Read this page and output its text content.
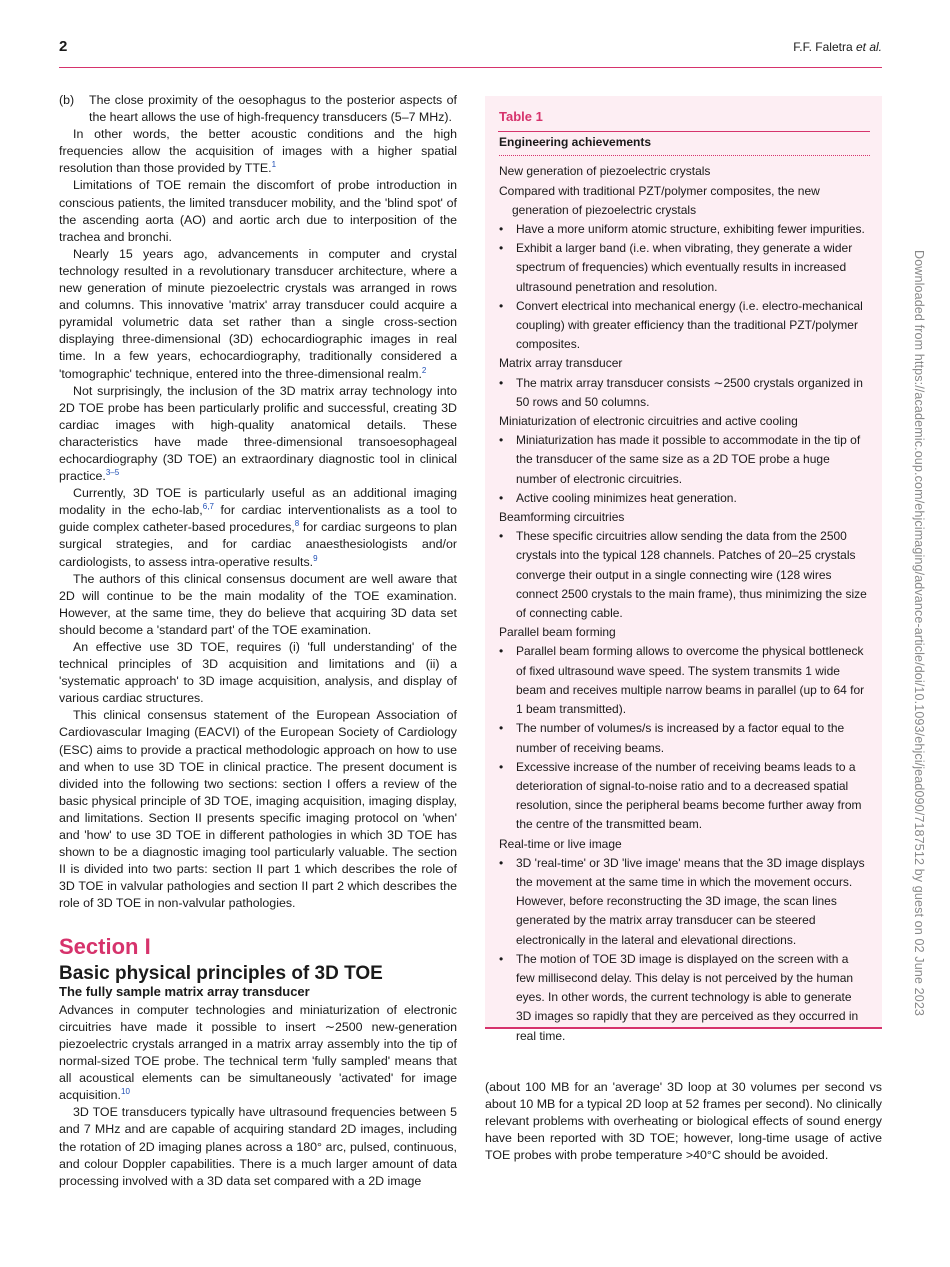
2	F.F. Faletra et al.
(b)	The close proximity of the oesophagus to the posterior aspects of the heart allows the use of high-frequency transducers (5–7 MHz).

In other words, the better acoustic conditions and the high frequencies allow the acquisition of images with a higher spatial resolution than those provided by TTE.$^1$

Limitations of TOE remain the discomfort of probe introduction in conscious patients, the limited transducer mobility, and the 'blind spot' of the ascending aorta (AO) and aortic arch due to interposition of the trachea and bronchi.

Nearly 15 years ago, advancements in computer and crystal technology resulted in a revolutionary transducer architecture, where a new generation of minute piezoelectric crystals was arranged in rows and columns. This innovative 'matrix' array transducer could acquire a pyramidal volumetric data set rather than a single cross-section displaying three-dimensional (3D) echocardiographic images in real time. In a few years, echocardiography, traditionally considered a 'tomographic' technique, entered into the three-dimensional realm.$^2$

Not surprisingly, the inclusion of the 3D matrix array technology into 2D TOE probe has been particularly prolific and successful, creating 3D cardiac images with high-quality anatomical details. These characteristics have made three-dimensional transoesophageal echocardiography (3D TOE) an extraordinary diagnostic tool in clinical practice.$^{3-5}$

Currently, 3D TOE is particularly useful as an additional imaging modality in the echo-lab,$^{6,7}$ for cardiac interventionalists as a tool to guide complex catheter-based procedures,$^8$ for cardiac surgeons to plan surgical strategies, and for cardiac anaesthesiologists and/or cardiologists, to assess intra-operative results.$^9$

The authors of this clinical consensus document are well aware that 2D will continue to be the main modality of the TOE examination. However, at the same time, they do believe that acquiring 3D data set should become a 'standard part' of the TOE examination.

An effective use 3D TOE, requires (i) 'full understanding' of the technical principles of 3D acquisition and limitations and (ii) a 'systematic approach' to 3D image acquisition, analysis, and display of various cardiac structures.

This clinical consensus statement of the European Association of Cardiovascular Imaging (EACVI) of the European Society of Cardiology (ESC) aims to provide a practical methodologic approach on how to use and when to use 3D TOE in clinical practice. The present document is divided into the following two sections: section I offers a review of the basic physical principle of 3D TOE, imaging acquisition, imaging display, and limitations. Section II presents specific imaging protocol on 'when' and 'how' to use 3D TOE in different pathologies in which 3D TOE has shown to be a diagnostic imaging tool particularly valuable. The section II is divided into two parts: section II part 1 which describes the role of 3D TOE in valvular pathologies and section II part 2 which describes the role of 3D TOE in non-valvular pathologies.

Section I
Basic physical principles of 3D TOE
The fully sample matrix array transducer

Advances in computer technologies and miniaturization of electronic circuitries have made it possible to insert ∼2500 new-generation piezoelectric crystals arranged in a matrix array assembly into the tip of normal-sized TOE probe. The technical term 'fully sampled' means that all acoustical elements can be simultaneously 'activated' for image acquisition.$^{10}$

3D TOE transducers typically have ultrasound frequencies between 5 and 7 MHz and are capable of acquiring standard 2D images, including the rotation of 2D imaging planes across a 180° arc, pulsed, continuous, and colour Doppler capabilities. There is a much larger amount of data processing involved with a 3D data set compared with a 2D image

Table 1
Engineering achievements
New generation of piezoelectric crystals
Compared with traditional PZT/polymer composites, the new generation of piezoelectric crystals
•	Have a more uniform atomic structure, exhibiting fewer impurities.
•	Exhibit a larger band (i.e. when vibrating, they generate a wider spectrum of frequencies) which eventually results in increased ultrasound penetration and resolution.
•	Convert electrical into mechanical energy (i.e. electro-mechanical coupling) with greater efficiency than the traditional PZT/polymer composites.
Matrix array transducer
•	The matrix array transducer consists ∼2500 crystals organized in 50 rows and 50 columns.
Miniaturization of electronic circuitries and active cooling
•	Miniaturization has made it possible to accommodate in the tip of the transducer of the same size as a 2D TOE probe a huge number of electronic circuitries.
•	Active cooling minimizes heat generation.
Beamforming circuitries
•	These specific circuitries allow sending the data from the 2500 crystals into the typical 128 channels. Patches of 20–25 crystals converge their output in a single connecting wire (128 wires connect 2500 crystals to the main frame), thus minimizing the size of connecting cable.
Parallel beam forming
•	Parallel beam forming allows to overcome the physical bottleneck of fixed ultrasound wave speed. The system transmits 1 wide beam and receives multiple narrow beams in parallel (up to 64 for 1 beam transmitted).
•	The number of volumes/s is increased by a factor equal to the number of receiving beams.
•	Excessive increase of the number of receiving beams leads to a deterioration of signal-to-noise ratio and to a decreased spatial resolution, since the peripheral beams become further away from the centre of the transmitted beam.
Real-time or live image
•	3D 'real-time' or 3D 'live image' means that the 3D image displays the movement at the same time in which the movement occurs. However, before reconstructing the 3D image, the scan lines generated by the matrix array transducer can be steered electronically in the lateral and elevational directions.
•	The motion of TOE 3D image is displayed on the screen with a few millisecond delay. This delay is not perceived by the human eyes. In other words, the current technology is able to generate 3D images so rapidly that they are perceived as they occurred in real time.
(about 100 MB for an 'average' 3D loop at 30 volumes per second vs about 10 MB for a typical 2D loop at 52 frames per second). No clinically relevant problems with overheating or biological effects of sound energy have been reported with 3D TOE; however, long-time usage of active TOE probes with probe temperature >40°C should be avoided.
Downloaded from https://academic.oup.com/ehjcimaging/advance-article/doi/10.1093/ehjci/jead090/7187512 by guest on 02 June 2023
